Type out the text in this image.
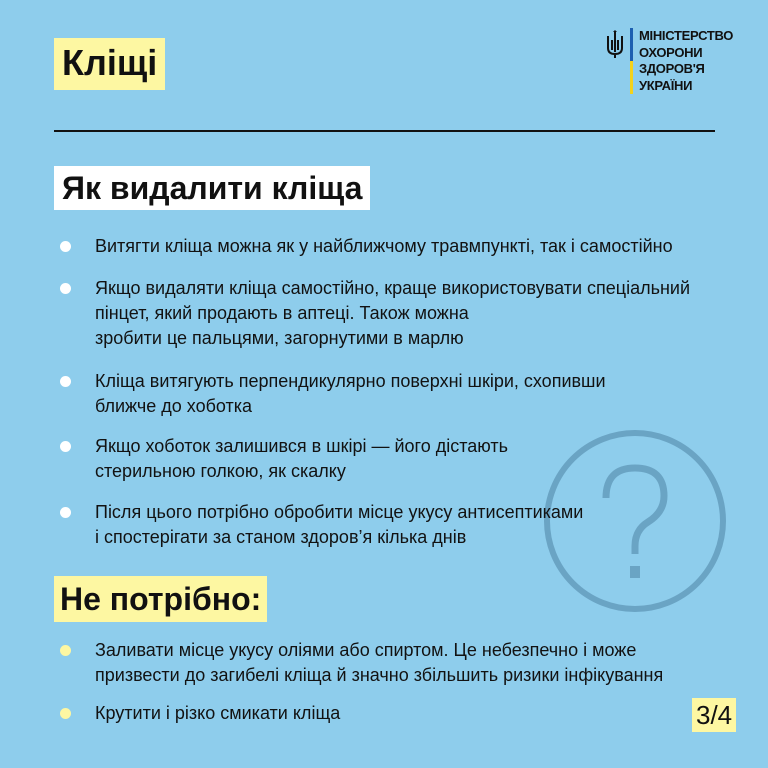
Кліщі
МІНІСТЕРСТВО
ОХОРОНИ
ЗДОРОВ'Я
УКРАЇНИ
Як видалити кліща
Витягти кліща можна як у найближчому травмпункті, так і самостійно
Якщо видаляти кліща самостійно, краще використовувати спеціальний
пінцет, який продають в аптеці. Також можна
зробити це пальцями, загорнутими в марлю
Кліща витягують перпендикулярно поверхні шкіри, схопивши
ближче до хоботка
Якщо хоботок залишився в шкірі — його дістають
стерильною голкою, як скалку
Після цього потрібно обробити місце укусу антисептиками
і спостерігати за станом здоров’я кілька днів
Не потрібно:
Заливати місце укусу оліями або спиртом. Це небезпечно і може
призвести до загибелі кліща й значно збільшить ризики інфікування
Крутити і різко смикати кліща	3/4
